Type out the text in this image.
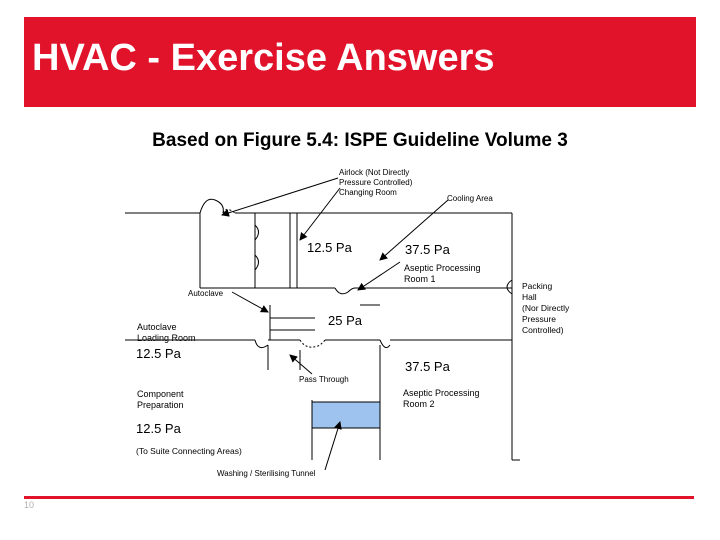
HVAC - Exercise Answers
Based on Figure 5.4: ISPE Guideline Volume 3
Airlock (Not Directly Pressure Controlled) Changing Room
Cooling Area
12.5 Pa	37.5 Pa
Aseptic Processing Room 1
Autoclave
Packing Hall (Nor Directly Pressure Controlled)
25 Pa
Autoclave Loading Room
12.5 Pa
37.5 Pa
Pass Through
Component Preparation
Aseptic Processing Room 2
12.5 Pa
(To Suite Connecting Areas)
Washing / Sterilising Tunnel
10
